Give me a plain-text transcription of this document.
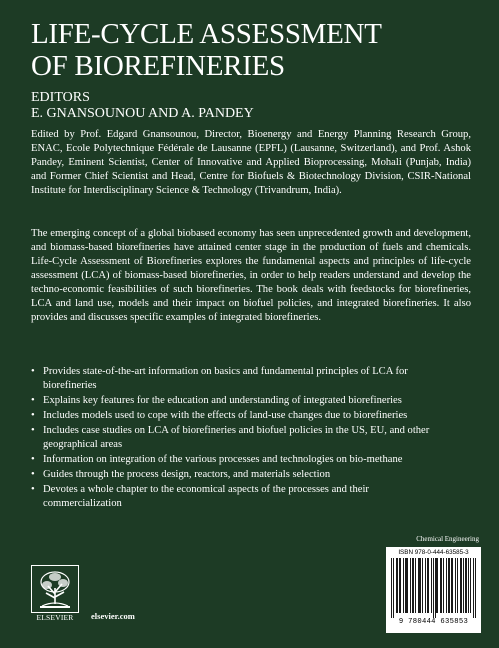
LIFE-CYCLE ASSESSMENT
OF BIOREFINERIES
EDITORS
E. GNANSOUNOU AND A. PANDEY
Edited by Prof. Edgard Gnansounou, Director, Bioenergy and Energy Planning Research Group, ENAC, Ecole Polytechnique Fédérale de Lausanne (EPFL) (Lausanne, Switzerland), and Prof. Ashok Pandey, Eminent Scientist, Center of Innovative and Applied Bioprocessing, Mohali (Punjab, India) and Former Chief Scientist and Head, Centre for Biofuels & Biotechnology Division, CSIR-National Institute for Interdisciplinary Science & Technology (Trivandrum, India).
The emerging concept of a global biobased economy has seen unprecedented growth and development, and biomass-based biorefineries have attained center stage in the production of fuels and chemicals. Life-Cycle Assessment of Biorefineries explores the fundamental aspects and principles of life-cycle assessment (LCA) of biomass-based biorefineries, in order to help readers understand and develop the techno-economic feasibilities of such biorefineries. The book deals with feedstocks for biorefineries, LCA and land use, models and their impact on biofuel policies, and integrated biorefineries. It also provides and discusses specific examples of integrated biorefineries.
• Provides state-of-the-art information on basics and fundamental principles of LCA for biorefineries
• Explains key features for the education and understanding of integrated biorefineries
• Includes models used to cope with the effects of land-use changes due to biorefineries
• Includes case studies on LCA of biorefineries and biofuel policies in the US, EU, and other geographical areas
• Information on integration of the various processes and technologies on bio-methane
• Guides through the process design, reactors, and materials selection
• Devotes a whole chapter to the economical aspects of the processes and their commercialization
Chemical Engineering
ELSEVIER	elsevier.com
ISBN 978-0-444-63585-3
9 780444 635853
